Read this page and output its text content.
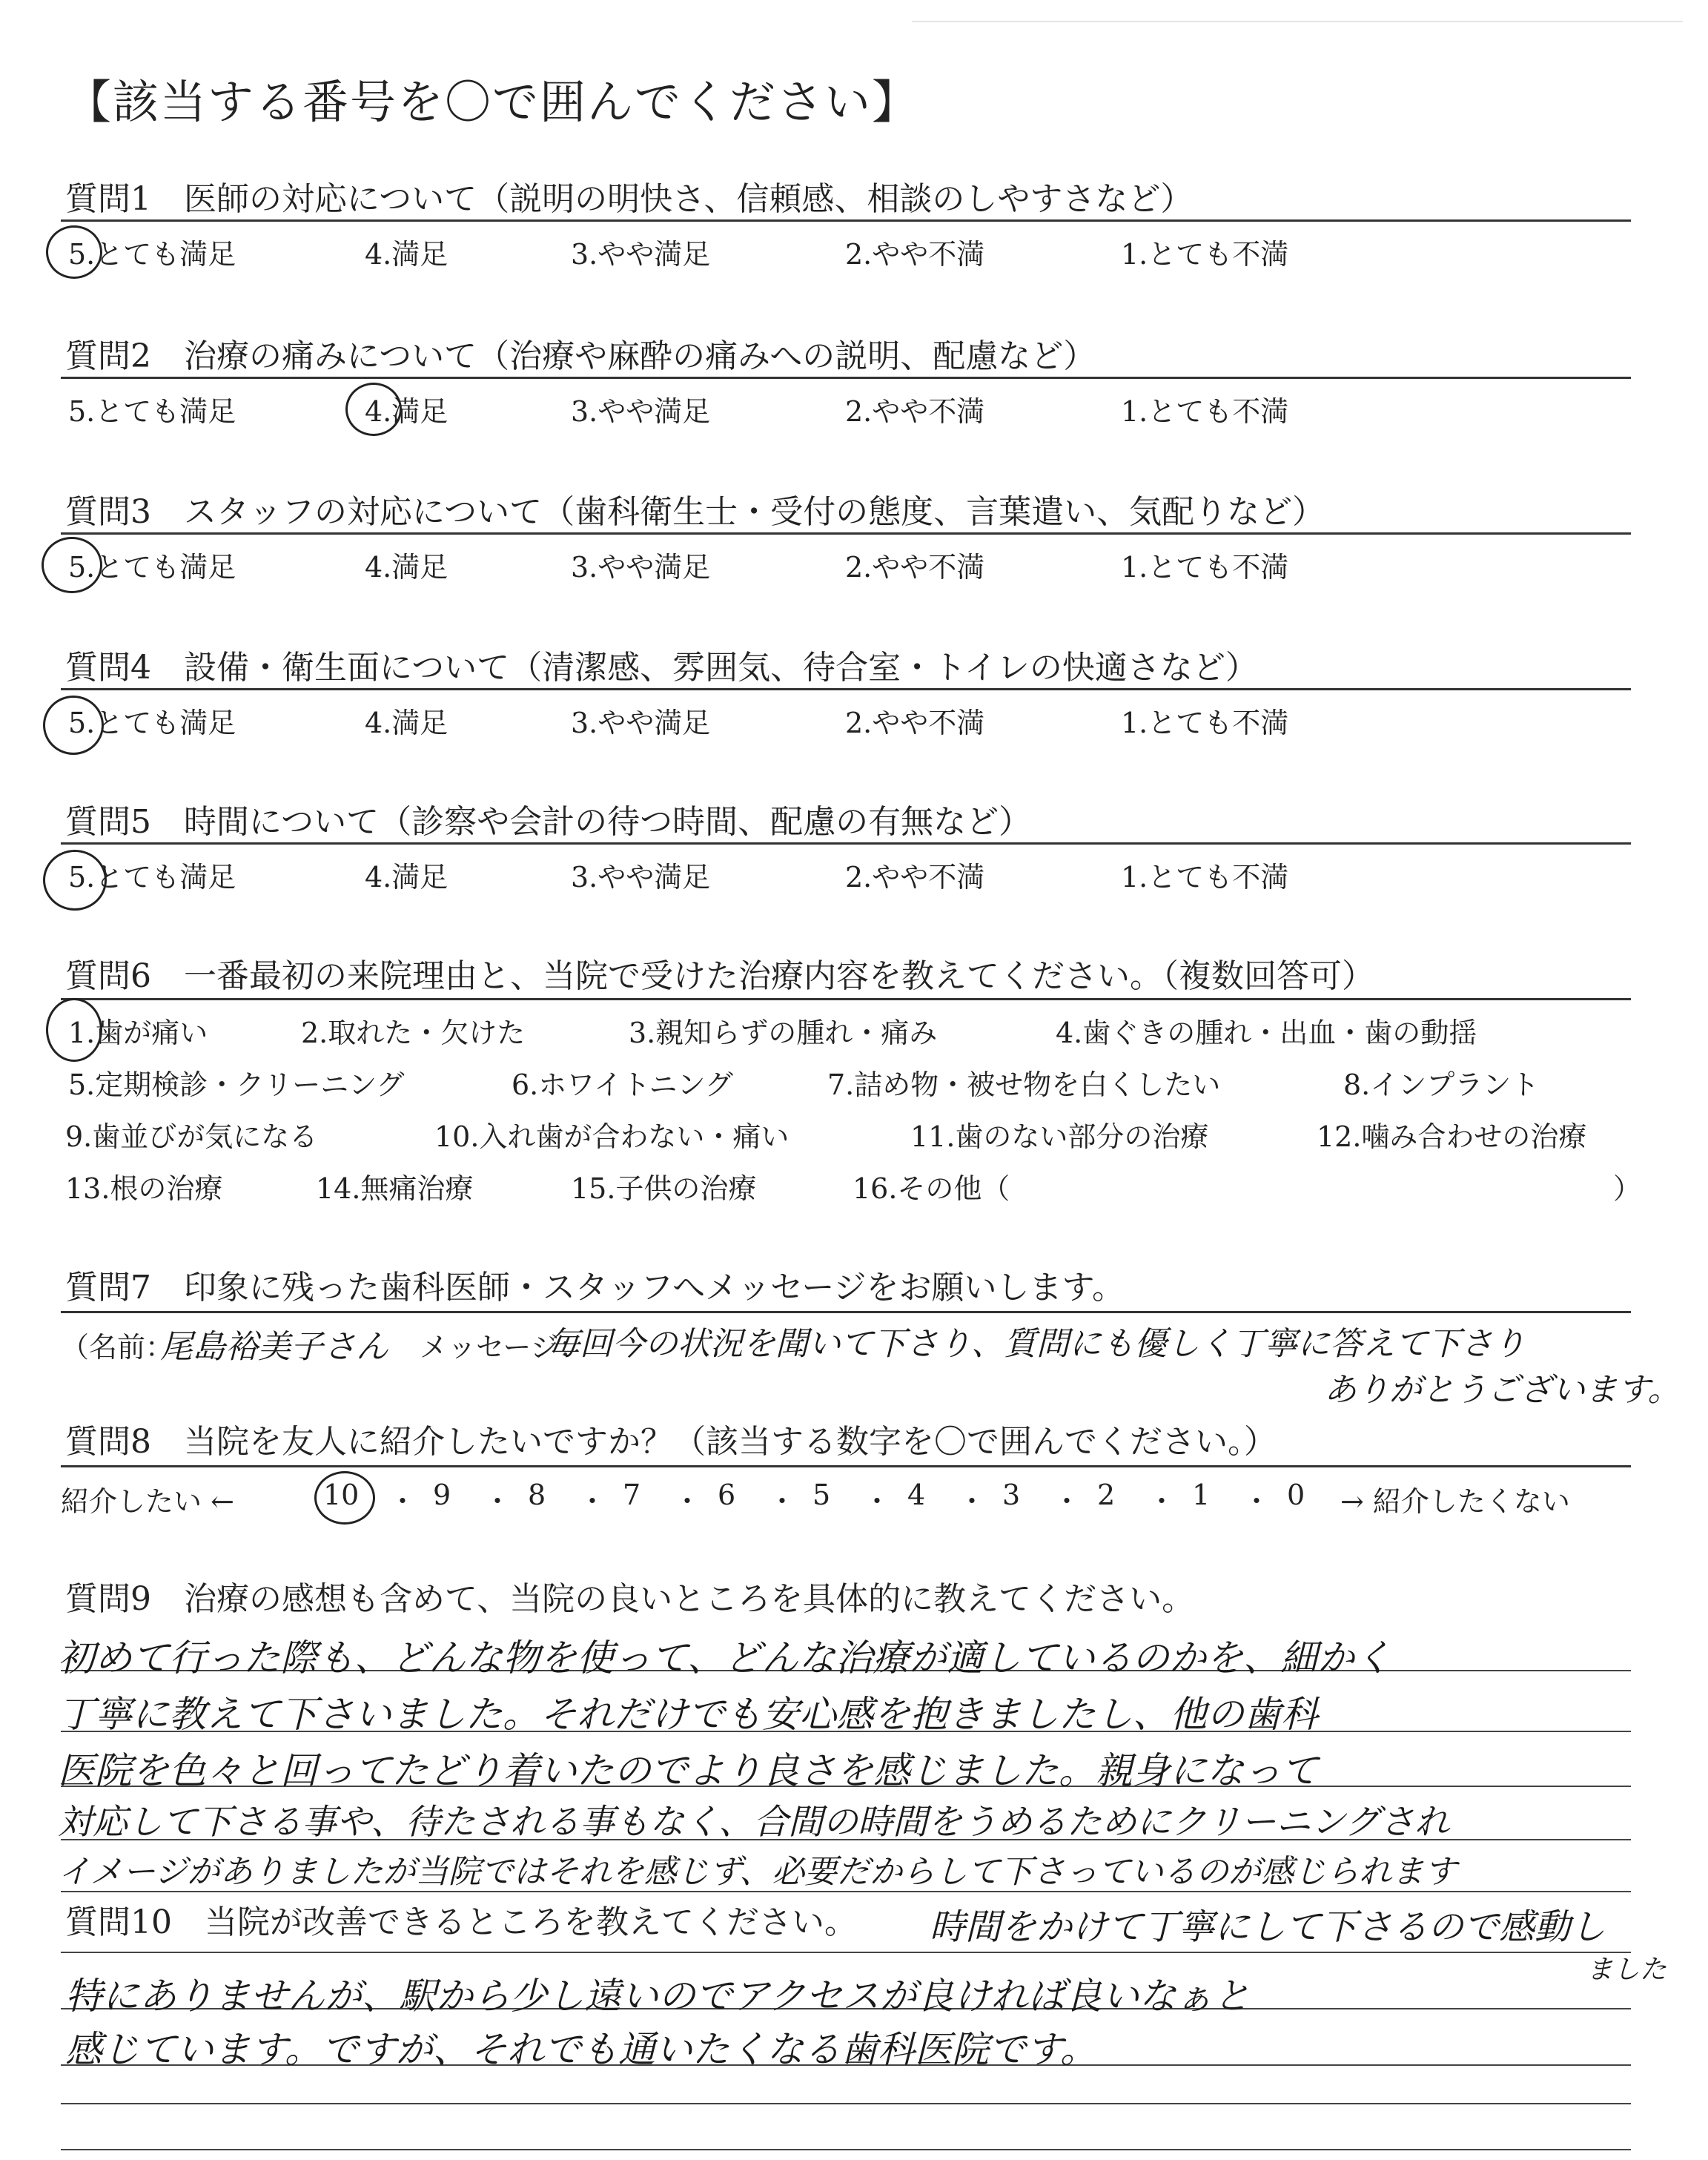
【該当する番号を〇で囲んでください】
質問1　医師の対応について（説明の明快さ、信頼感、相談のしやすさなど）
5.とても満足	4.満足	3.やや満足	2.やや不満	1.とても不満
質問2　治療の痛みについて（治療や麻酔の痛みへの説明、配慮など）
5.とても満足	4.満足	3.やや満足	2.やや不満	1.とても不満
質問3　スタッフの対応について（歯科衛生士・受付の態度、言葉遣い、気配りなど）
5.とても満足	4.満足	3.やや満足	2.やや不満	1.とても不満
質問4　設備・衛生面について（清潔感、雰囲気、待合室・トイレの快適さなど）
5.とても満足	4.満足	3.やや満足	2.やや不満	1.とても不満
質問5　時間について（診察や会計の待つ時間、配慮の有無など）
5.とても満足	4.満足	3.やや満足	2.やや不満	1.とても不満
質問6　一番最初の来院理由と、当院で受けた治療内容を教えてください。（複数回答可）
1.歯が痛い	2.取れた・欠けた	3.親知らずの腫れ・痛み	4.歯ぐきの腫れ・出血・歯の動揺
5.定期検診・クリーニング	6.ホワイトニング	7.詰め物・被せ物を白くしたい	8.インプラント
9.歯並びが気になる	10.入れ歯が合わない・痛い	11.歯のない部分の治療	12.噛み合わせの治療
13.根の治療	14.無痛治療	15.子供の治療	16.その他（	）
質問7　印象に残った歯科医師・スタッフへメッセージをお願いします。
（名前：
尾島裕美子さん メッセージ：
毎回今の状況を聞いて下さり、質問にも優しく丁寧に答えて下さり
ありがとうございます。
質問8　当院を友人に紹介したいですか？（該当する数字を〇で囲んでください。）
紹介したい ←	10 ・ 9 ・ 8 ・ 7 ・ 6 ・ 5 ・ 4 ・ 3 ・ 2 ・ 1 ・ 0 → 紹介したくない
質問9　治療の感想も含めて、当院の良いところを具体的に教えてください。
初めて行った際も、どんな物を使って、どんな治療が適しているのかを、細かく
丁寧に教えて下さいました。それだけでも安心感を抱きましたし、他の歯科
医院を色々と回ってたどり着いたのでより良さを感じました。親身になって
対応して下さる事や、待たされる事もなく、合間の時間をうめるためにクリーニングされ
イメージがありましたが当院ではそれを感じず、必要だからして下さっているのが感じられます
時間をかけて丁寧にして下さるので感動し
ました
質問10　当院が改善できるところを教えてください。
特にありませんが、駅から少し遠いのでアクセスが良ければ良いなぁと
感じています。ですが、それでも通いたくなる歯科医院です。
